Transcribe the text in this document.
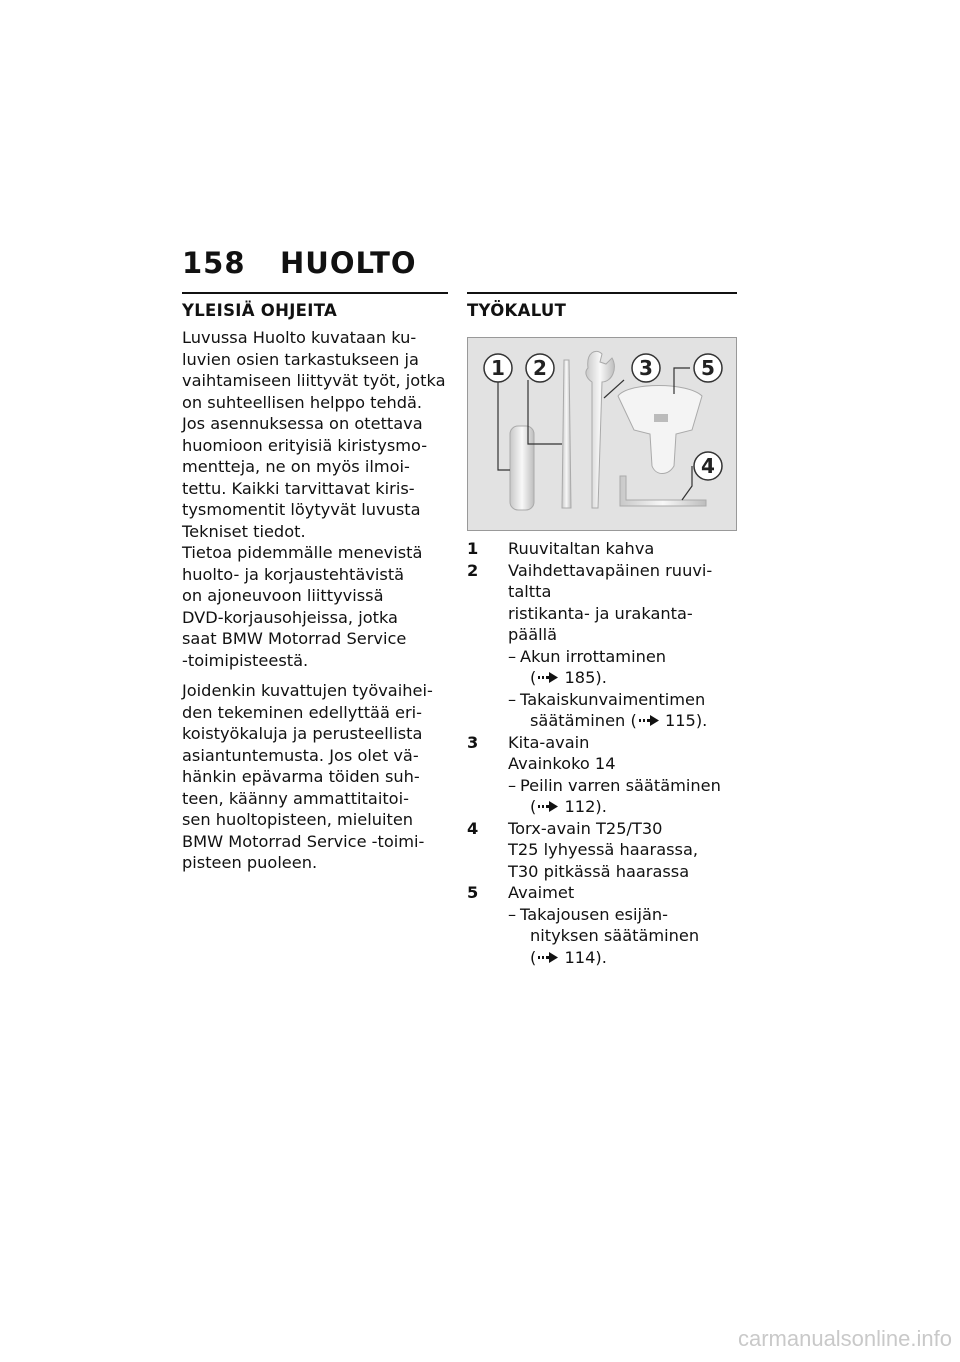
158 HUOLTO
YLEISIÄ OHJEITA
Luvussa Huolto kuvataan ku-
luvien osien tarkastukseen ja
vaihtamiseen liittyvät työt, jotka
on suhteellisen helppo tehdä.
Jos asennuksessa on otettava
huomioon erityisiä kiristysmo-
mentteja, ne on myös ilmoi-
tettu. Kaikki tarvittavat kiris-
tysmomentit löytyvät luvusta
Tekniset tiedot.
Tietoa pidemmälle menevistä
huolto- ja korjaustehtävistä
on ajoneuvoon liittyvissä
DVD-korjausohjeissa, jotka
saat BMW Motorrad Service
-toimipisteestä.
Joidenkin kuvattujen työvaihei-
den tekeminen edellyttää eri-
koistyökaluja ja perusteellista
asiantuntemusta. Jos olet vä-
hänkin epävarma töiden suh-
teen, käänny ammattitaitoi-
sen huoltopisteen, mieluiten
BMW Motorrad Service -toimi-
pisteen puoleen.
TYÖKALUT
1 2	3 5
4
1 Ruuvitaltan kahva
2 Vaihdettavapäinen ruuvi-
taltta
ristikanta- ja urakanta-
päällä
– Akun irrottaminen
( 185).
– Takaiskunvaimentimen
säätäminen ( 115).
3 Kita-avain
Avainkoko 14
– Peilin varren säätäminen
( 112).
4 Torx-avain T25/T30
T25 lyhyessä haarassa,
T30 pitkässä haarassa
5 Avaimet
– Takajousen esijän-
nityksen säätäminen
( 114).
carmanualsonline.info
